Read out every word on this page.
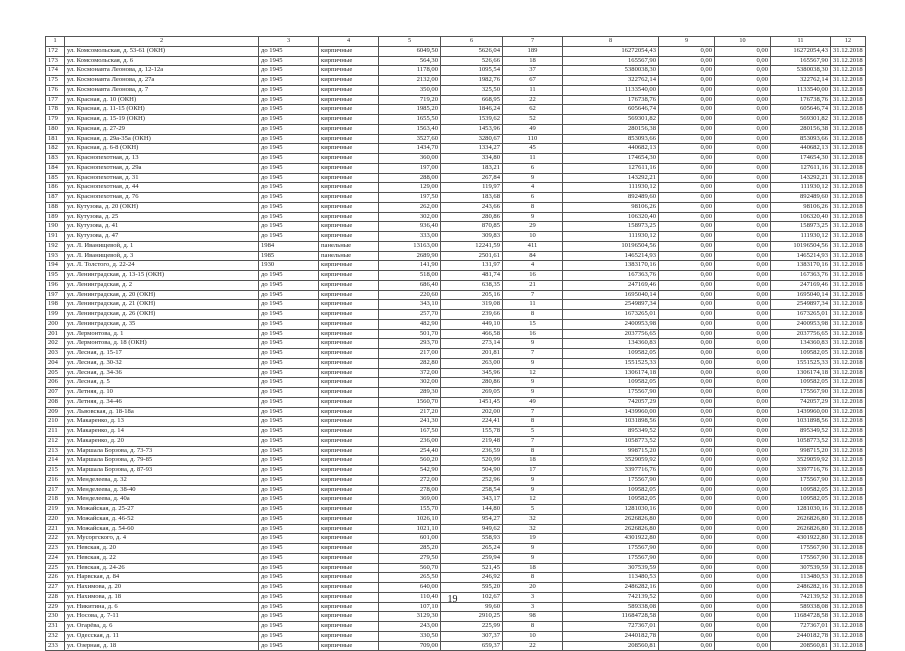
1	2	3	4	5	6	7	8	9	10	11	12
172	ул. Комсомольская, д. 53-61 (ОКН)	до 1945	кирпичные	6049,50	5626,04	189	16272054,43	0,00	0,00	16272054,43	31.12.2018
173	ул. Комсомольская, д. 6	до 1945	кирпичные	564,30	526,66	18	165567,90	0,00	0,00	165567,90	31.12.2018
174	ул. Космонавта Леонова, д. 12-12а	до 1945	кирпичные	1178,00	1095,54	37	5380038,30	0,00	0,00	5380038,30	31.12.2018
175	ул. Космонавта Леонова, д. 27а	до 1945	кирпичные	2132,00	1982,76	67	322762,14	0,00	0,00	322762,14	31.12.2018
176	ул. Космонавта Леонова, д. 7	до 1945	кирпичные	350,00	325,50	11	1133540,00	0,00	0,00	1133540,00	31.12.2018
177	ул. Красная, д. 10 (ОКН)	до 1945	кирпичные	719,20	668,95	22	176738,76	0,00	0,00	176738,76	31.12.2018
178	ул. Красная, д. 11-15 (ОКН)	до 1945	кирпичные	1985,20	1846,24	62	605646,74	0,00	0,00	605646,74	31.12.2018
179	ул. Красная, д. 15-19 (ОКН)	до 1945	кирпичные	1655,50	1539,62	52	569301,82	0,00	0,00	569301,82	31.12.2018
180	ул. Красная, д. 27-29	до 1945	кирпичные	1563,40	1453,96	49	280156,38	0,00	0,00	280156,38	31.12.2018
181	ул. Красная, д. 29а-35а (ОКН)	до 1945	кирпичные	3527,60	3280,67	110	853093,66	0,00	0,00	853093,66	31.12.2018
182	ул. Красная, д. 6-8 (ОКН)	до 1945	кирпичные	1434,70	1334,27	45	440682,13	0,00	0,00	440682,13	31.12.2018
183	ул. Краснопехотная, д. 13	до 1945	кирпичные	360,00	334,80	11	174654,30	0,00	0,00	174654,30	31.12.2018
184	ул. Краснопехотная, д. 29а	до 1945	кирпичные	197,00	183,21	6	127611,16	0,00	0,00	127611,16	31.12.2018
185	ул. Краснопехотная, д. 31	до 1945	кирпичные	288,00	267,84	9	143292,21	0,00	0,00	143292,21	31.12.2018
186	ул. Краснопехотная, д. 44	до 1945	кирпичные	129,00	119,97	4	111930,12	0,00	0,00	111930,12	31.12.2018
187	ул. Краснопехотная, д. 76	до 1945	кирпичные	197,50	183,68	6	892489,60	0,00	0,00	892489,60	31.12.2018
188	ул. Кутузова, д. 20 (ОКН)	до 1945	кирпичные	262,00	243,66	8	98106,26	0,00	0,00	98106,26	31.12.2018
189	ул. Кутузова, д. 25	до 1945	кирпичные	302,00	280,86	9	106320,40	0,00	0,00	106320,40	31.12.2018
190	ул. Кутузова, д. 41	до 1945	кирпичные	936,40	870,85	29	158973,25	0,00	0,00	158973,25	31.12.2018
191	ул. Кутузова, д. 47	до 1945	кирпичные	333,00	309,83	10	111930,12	0,00	0,00	111930,12	31.12.2018
192	ул. Л. Иванищевой, д. 1	1984	панельные	13163,00	12241,59	411	10196504,56	0,00	0,00	10196504,56	31.12.2018
193	ул. Л. Иванищевой, д. 3	1985	панельные	2689,90	2501,61	84	1465214,93	0,00	0,00	1465214,93	31.12.2018
194	ул. Л. Толстого, д. 22-24	1930	кирпичные	141,90	131,97	4	1383170,16	0,00	0,00	1383170,16	31.12.2018
195	ул. Ленинградская, д. 13-15 (ОКН)	до 1945	кирпичные	518,00	481,74	16	167363,76	0,00	0,00	167363,76	31.12.2018
196	ул. Ленинградская, д. 2	до 1945	кирпичные	686,40	638,35	21	247169,46	0,00	0,00	247169,46	31.12.2018
197	ул. Ленинградская, д. 20 (ОКН)	до 1945	кирпичные	220,60	205,16	7	1695040,14	0,00	0,00	1695040,14	31.12.2018
198	ул. Ленинградская, д. 21 (ОКН)	до 1945	кирпичные	343,10	319,08	11	2549897,34	0,00	0,00	2549897,34	31.12.2018
199	ул. Ленинградская, д. 26 (ОКН)	до 1945	кирпичные	257,70	239,66	8	1673265,01	0,00	0,00	1673265,01	31.12.2018
200	ул. Ленинградская, д. 35	до 1945	кирпичные	482,90	449,10	15	2400953,98	0,00	0,00	2400953,98	31.12.2018
201	ул. Лермонтова, д. 1	до 1945	кирпичные	501,70	466,58	16	2037756,65	0,00	0,00	2037756,65	31.12.2018
202	ул. Лермонтова, д. 18 (ОКН)	до 1945	кирпичные	293,70	273,14	9	134360,83	0,00	0,00	134360,83	31.12.2018
203	ул. Лесная, д. 15-17	до 1945	кирпичные	217,00	201,81	7	109582,05	0,00	0,00	109582,05	31.12.2018
204	ул. Лесная, д. 30-32	до 1945	кирпичные	282,80	263,00	9	1551525,33	0,00	0,00	1551525,33	31.12.2018
205	ул. Лесная, д. 34-36	до 1945	кирпичные	372,00	345,96	12	1306174,18	0,00	0,00	1306174,18	31.12.2018
206	ул. Лесная, д. 5	до 1945	кирпичные	302,00	280,86	9	109582,05	0,00	0,00	109582,05	31.12.2018
207	ул. Летняя, д. 10	до 1945	кирпичные	289,30	269,05	9	175567,90	0,00	0,00	175567,90	31.12.2018
208	ул. Летняя, д. 34-46	до 1945	кирпичные	1560,70	1451,45	49	742057,29	0,00	0,00	742057,29	31.12.2018
209	ул. Львовская, д. 18-18а	до 1945	кирпичные	217,20	202,00	7	1439960,00	0,00	0,00	1439960,00	31.12.2018
210	ул. Макаренко, д. 13	до 1945	кирпичные	241,30	224,41	8	1031898,56	0,00	0,00	1031898,56	31.12.2018
211	ул. Макаренко, д. 14	до 1945	кирпичные	167,50	155,78	5	895349,52	0,00	0,00	895349,52	31.12.2018
212	ул. Макаренко, д. 20	до 1945	кирпичные	236,00	219,48	7	1058773,52	0,00	0,00	1058773,52	31.12.2018
213	ул. Маршала Борзова, д. 73-73	до 1945	кирпичные	254,40	236,59	8	998715,20	0,00	0,00	998715,20	31.12.2018
214	ул. Маршала Борзова, д. 79-85	до 1945	кирпичные	560,20	520,99	18	3529059,92	0,00	0,00	3529059,92	31.12.2018
215	ул. Маршала Борзова, д. 87-93	до 1945	кирпичные	542,90	504,90	17	3397716,76	0,00	0,00	3397716,76	31.12.2018
216	ул. Менделеева, д. 32	до 1945	кирпичные	272,00	252,96	9	175567,90	0,00	0,00	175567,90	31.12.2018
217	ул. Менделеева, д. 38-40	до 1945	кирпичные	278,00	258,54	9	109582,05	0,00	0,00	109582,05	31.12.2018
218	ул. Менделеева, д. 40а	до 1945	кирпичные	369,00	343,17	12	109582,05	0,00	0,00	109582,05	31.12.2018
219	ул. Можайская, д. 25-27	до 1945	кирпичные	155,70	144,80	5	1281030,16	0,00	0,00	1281030,16	31.12.2018
220	ул. Можайская, д. 46-52	до 1945	кирпичные	1026,10	954,27	32	2626826,80	0,00	0,00	2626826,80	31.12.2018
221	ул. Можайская, д. 54-60	до 1945	кирпичные	1021,10	949,62	32	2626826,80	0,00	0,00	2626826,80	31.12.2018
222	ул. Мусоргского, д. 4	до 1945	кирпичные	601,00	558,93	19	4301922,80	0,00	0,00	4301922,80	31.12.2018
223	ул. Невская, д. 20	до 1945	кирпичные	285,20	265,24	9	175567,90	0,00	0,00	175567,90	31.12.2018
224	ул. Невская, д. 22	до 1945	кирпичные	279,50	259,94	9	175567,90	0,00	0,00	175567,90	31.12.2018
225	ул. Невская, д. 24-26	до 1945	кирпичные	560,70	521,45	18	307539,59	0,00	0,00	307539,59	31.12.2018
226	ул. Нарвская, д. 84	до 1945	кирпичные	265,50	246,92	8	113480,53	0,00	0,00	113480,53	31.12.2018
227	ул. Нахимова, д. 20	до 1945	кирпичные	640,00	595,20	20	2486282,16	0,00	0,00	2486282,16	31.12.2018
228	ул. Нахимова, д. 18	до 1945	кирпичные	110,40	102,67	3	742139,52	0,00	0,00	742139,52	31.12.2018
229	ул. Никитина, д. 6	до 1945	кирпичные	107,10	99,60	3	589338,08	0,00	0,00	589338,08	31.12.2018
230	ул. Носова, д. 7-11	до 1945	кирпичные	3129,30	2910,25	98	11684728,58	0,00	0,00	11684728,58	31.12.2018
231	ул. Огарёва, д. 6	до 1945	кирпичные	243,00	225,99	8	727367,01	0,00	0,00	727367,01	31.12.2018
232	ул. Одесская, д. 11	до 1945	кирпичные	330,50	307,37	10	2440182,78	0,00	0,00	2440182,78	31.12.2018
233	ул. Озерная, д. 18	до 1945	кирпичные	709,00	659,37	22	208560,81	0,00	0,00	208560,81	31.12.2018
19
